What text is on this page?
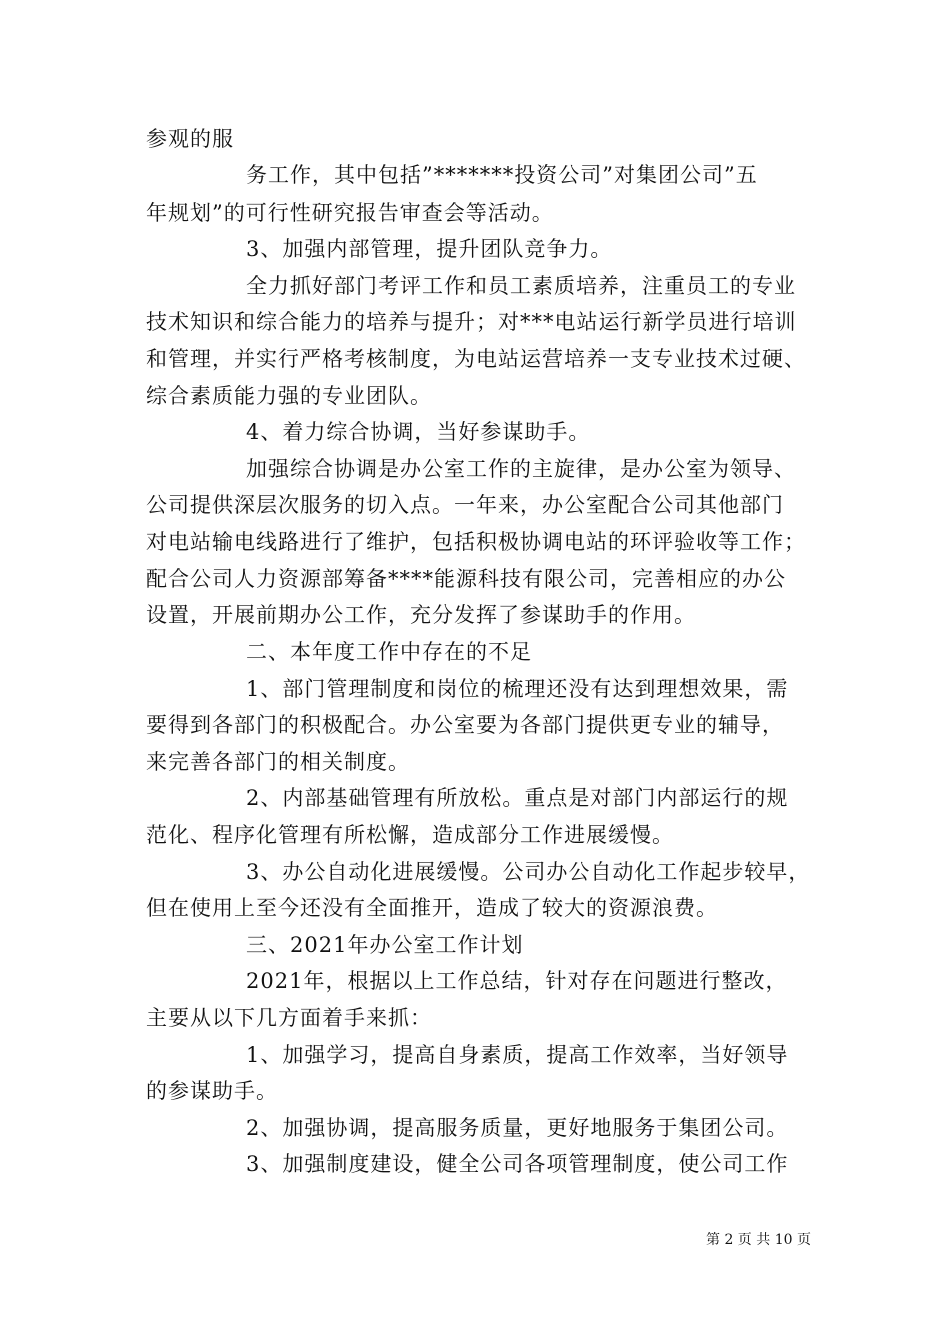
参观的服
务工作，其中包括”*******投资公司”对集团公司”五
年规划”的可行性研究报告审查会等活动。
3、加强内部管理，提升团队竞争力。
全力抓好部门考评工作和员工素质培养，注重员工的专业
技术知识和综合能力的培养与提升；对***电站运行新学员进行培训
和管理，并实行严格考核制度，为电站运营培养一支专业技术过硬、
综合素质能力强的专业团队。
4、着力综合协调，当好参谋助手。
加强综合协调是办公室工作的主旋律，是办公室为领导、
公司提供深层次服务的切入点。一年来，办公室配合公司其他部门
对电站输电线路进行了维护，包括积极协调电站的环评验收等工作；
配合公司人力资源部筹备****能源科技有限公司，完善相应的办公
设置，开展前期办公工作，充分发挥了参谋助手的作用。
二、本年度工作中存在的不足
1、部门管理制度和岗位的梳理还没有达到理想效果，需
要得到各部门的积极配合。办公室要为各部门提供更专业的辅导，
来完善各部门的相关制度。
2、内部基础管理有所放松。重点是对部门内部运行的规
范化、程序化管理有所松懈，造成部分工作进展缓慢。
3、办公自动化进展缓慢。公司办公自动化工作起步较早，
但在使用上至今还没有全面推开，造成了较大的资源浪费。
三、2021年办公室工作计划
2021年，根据以上工作总结，针对存在问题进行整改，
主要从以下几方面着手来抓：
1、加强学习，提高自身素质，提高工作效率，当好领导
的参谋助手。
2、加强协调，提高服务质量，更好地服务于集团公司。
3、加强制度建设，健全公司各项管理制度，使公司工作
第 2 页 共 10 页
